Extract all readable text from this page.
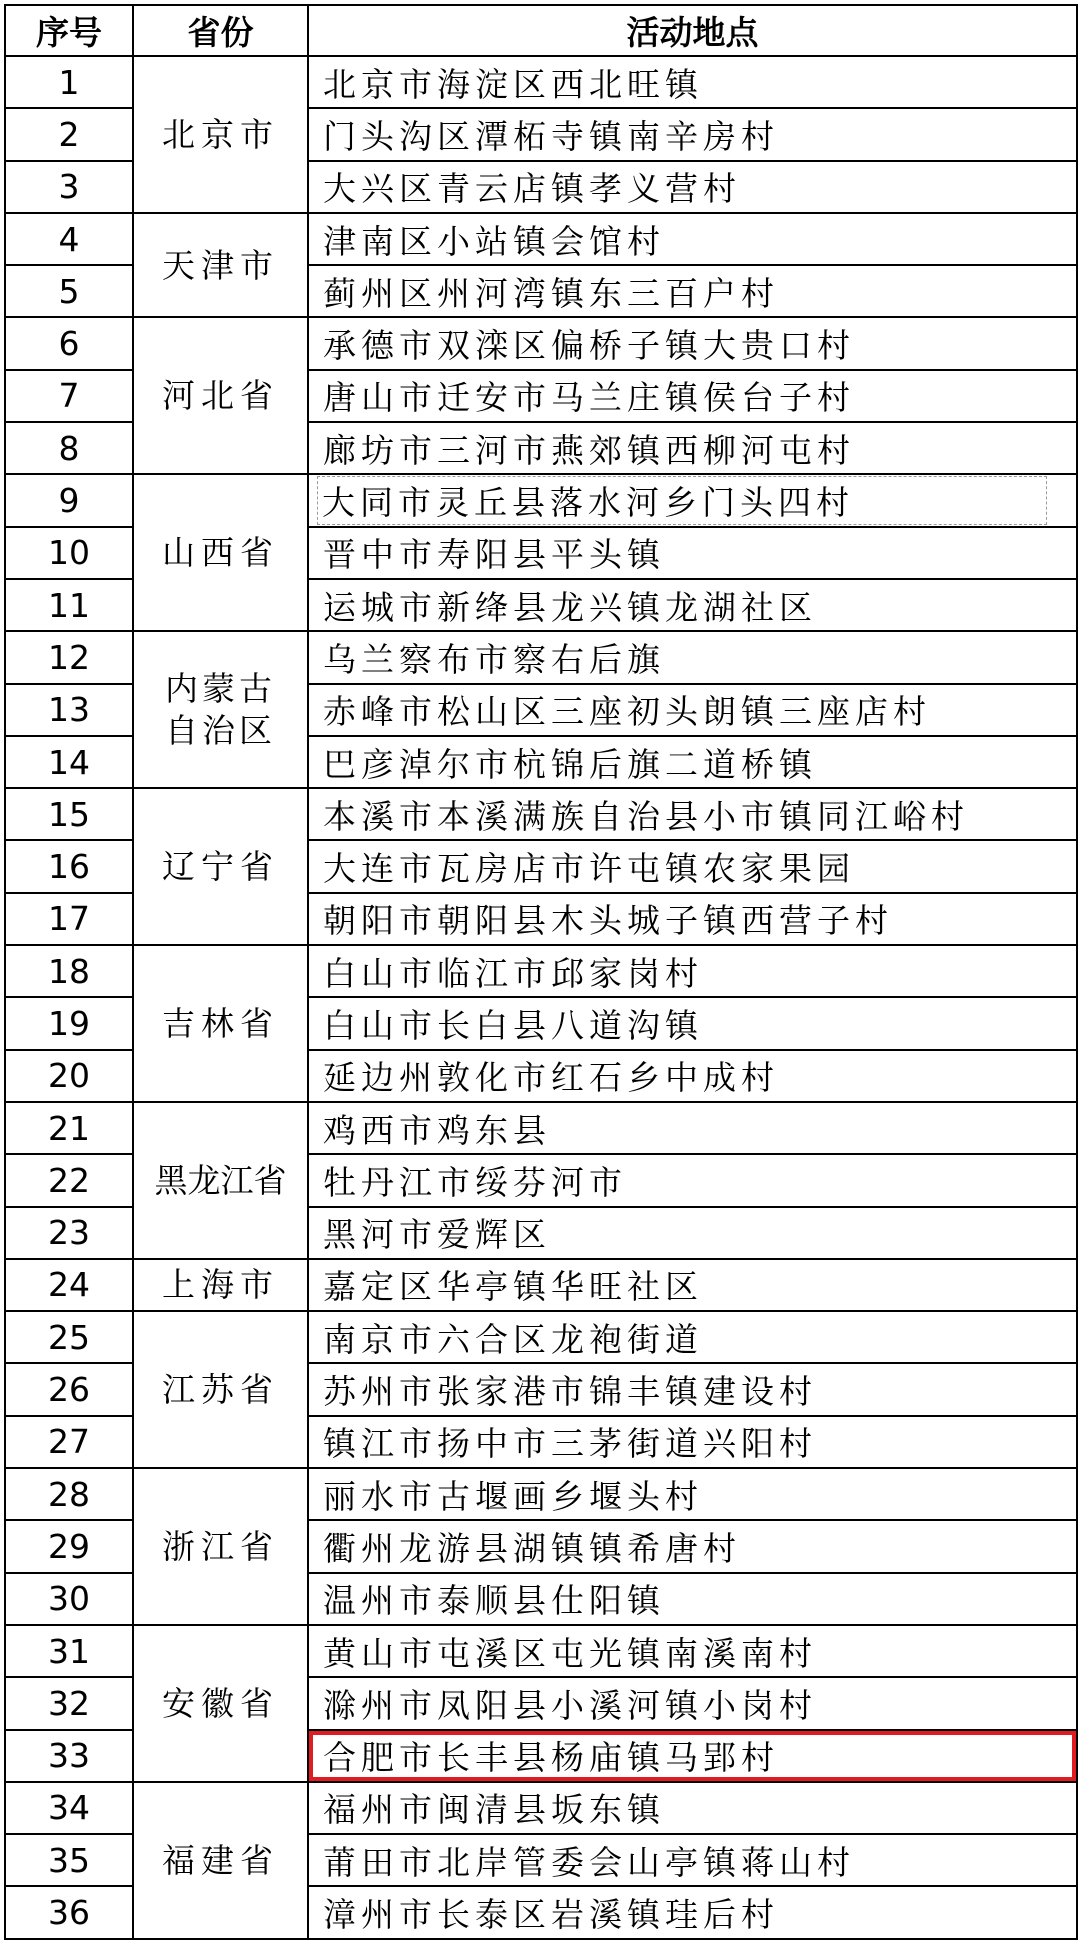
序号	省份	活动地点
1	北京市	北京市海淀区西北旺镇
2		门头沟区潭柘寺镇南辛房村
3		大兴区青云店镇孝义营村
4	天津市	津南区小站镇会馆村
5		蓟州区州河湾镇东三百户村
6	河北省	承德市双滦区偏桥子镇大贵口村
7		唐山市迁安市马兰庄镇侯台子村
8		廊坊市三河市燕郊镇西柳河屯村
9	山西省	大同市灵丘县落水河乡门头四村
10		晋中市寿阳县平头镇
11		运城市新绛县龙兴镇龙湖社区
12	内蒙古自治区	乌兰察布市察右后旗
13		赤峰市松山区三座初头朗镇三座店村
14		巴彦淖尔市杭锦后旗二道桥镇
15	辽宁省	本溪市本溪满族自治县小市镇同江峪村
16		大连市瓦房店市许屯镇农家果园
17		朝阳市朝阳县木头城子镇西营子村
18	吉林省	白山市临江市邱家岗村
19		白山市长白县八道沟镇
20		延边州敦化市红石乡中成村
21	黑龙江省	鸡西市鸡东县
22		牡丹江市绥芬河市
23		黑河市爱辉区
24	上海市	嘉定区华亭镇华旺社区
25	江苏省	南京市六合区龙袍街道
26		苏州市张家港市锦丰镇建设村
27		镇江市扬中市三茅街道兴阳村
28	浙江省	丽水市古堰画乡堰头村
29		衢州龙游县湖镇镇希唐村
30		温州市泰顺县仕阳镇
31	安徽省	黄山市屯溪区屯光镇南溪南村
32		滁州市凤阳县小溪河镇小岗村
33		合肥市长丰县杨庙镇马郢村
34	福建省	福州市闽清县坂东镇
35		莆田市北岸管委会山亭镇蒋山村
36		漳州市长泰区岩溪镇珪后村
